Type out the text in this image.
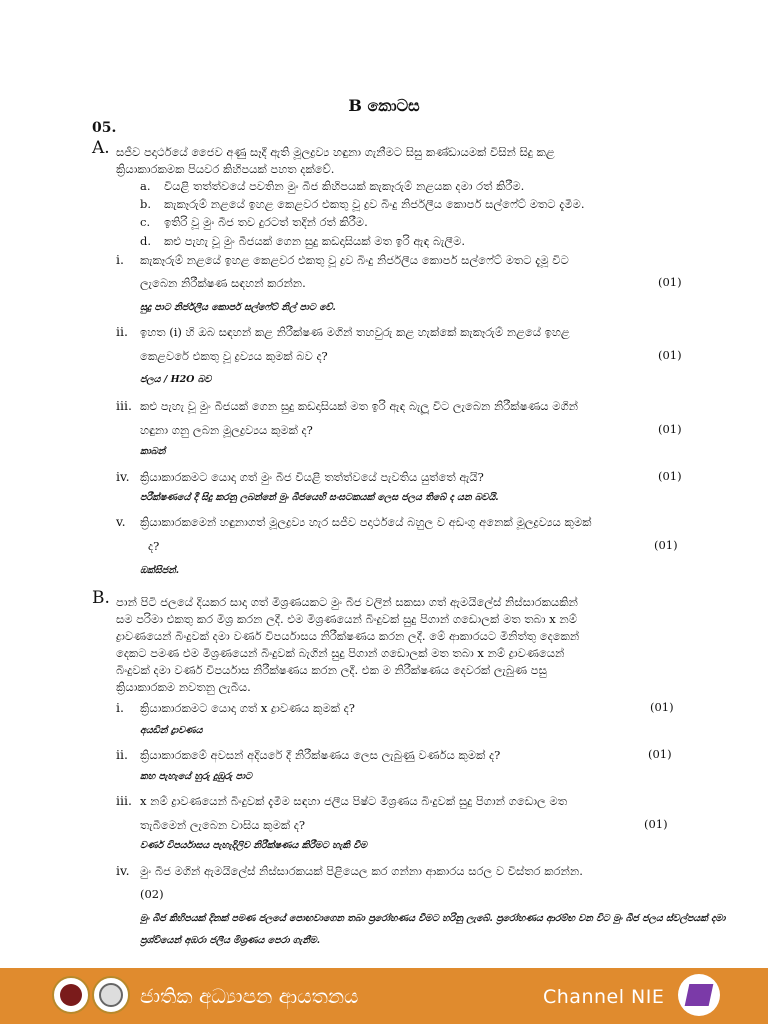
B කොටස
05.
A. සජීව පදාර්ථයේ ජෛව අණු සෑදී ඇති මූලද්‍රව්‍ය හඳුනා ගැනීමට සිසු කණ්ඩායමක් විසින් සිදු කළ
ක්‍රියාකාරකමක පියවර කිහිපයක් පහත දක්වේ.
a. වියළි තත්ත්වයේ පවතින මුං බීජ කිහිපයක් කැකෑරුම් නළයක දමා රත් කිරීම.
b. කැකෑරුම් නළයේ ඉහළ කෙළවර එකතු වූ ද්‍රව බිංදු නිර්ජලීය කොපර් සල්ෆේට් මතට දැමීම.
c. ඉතිරි වූ මුං බීජ තව දුරටත් තදින් රත් කිරීම.
d. කළු පැහැ වූ මුං බීජයක් ගෙන සුදු කඩදාසියක් මත ඉරි ඇඳ බැලීම.
i. කැකෑරුම් නළයේ ඉහළ කෙළවර එකතු වූ ද්‍රව බිංදු නිර්ජලීය කොපර් සල්ෆේට් මතට දැමූ විට
ලැබෙන නිරීක්ෂණ සඳහන් කරන්න.	(01)
සුදු පාට නිර්ජලීය කොපර් සල්ෆේට් නිල් පාට වේ.
ii. ඉහත (i) හි ඔබ සඳහන් කළ නිරීක්ෂණ මගින් තහවුරු කළ හැක්කේ කැකෑරුම් නළයේ ඉහළ
කෙළවරේ එකතු වූ ද්‍රව්‍යය කුමක් බව ද?	(01)
ජලය / H2O බව
iii. කළු පැහැ වූ මුං බීජයක් ගෙන සුදු කඩදාසියක් මත ඉරි ඇඳ බැලූ විට ලැබෙන නිරීක්ෂණය මගින්
හඳුනා ගනු ලබන මූලද්‍රව්‍යය කුමක් ද?	(01)
කාබන්
iv. ක්‍රියාකාරකමට යොදා ගත් මුං බීජ වියළි තත්ත්වයේ පැවතිය යුත්තේ ඇයි?	(01)
පරීක්ෂණයේ දී සිදු කරනු ලබන්නේ මුං බීජයෙහි සංඝටකයක් ලෙස ජලය තිබේ ද යන බවයි.
v. ක්‍රියාකාරකමෙන් හඳුනාගත් මූලද්‍රව්‍ය හැර සජීව පදාර්ථයේ බහුල ව අඩංගු අනෙක් මූලද්‍රව්‍යය කුමක්
ද?	(01)
ඔක්සිජන්.
B. පාන් පිටි ජලයේ දියකර සාදා ගත් මිශ්‍රණයකට මුං බීජ වලින් සකසා ගත් ඇමයිලේස් නිස්සාරකයකින්
සම පරිමා එකතු කර මිශ්‍ර කරන ලදී. එම මිශ්‍රණයෙන් බිංදුවක් සුදු පිගාන් ගඩොලක් මත තබා x නම්
ද්‍රාවණයෙන් බිංදුවක් දමා වර්ණ විපර්යාසය නිරීක්ෂණය කරන ලදී. මේ ආකාරයට මිනිත්තු දෙකෙන්
දෙකට පමණ එම මිශ්‍රණයෙන් බිංදුවක් බැගින් සුදු පිගාන් ගඩොලක් මත තබා x නම් ද්‍රාවණයෙන්
බිංදුවක් දමා වර්ණ විපර්යාස නිරීක්ෂණය කරන ලදී. එක ම නිරීක්ෂණය දෙවරක් ලැබුණ පසු
ක්‍රියාකාරකම නවතනු ලැබීය.
i. ක්‍රියාකාරකමට යොදා ගත් x ද්‍රාවණය කුමක් ද?	(01)
අයඩින් ද්‍රාවණය
ii. ක්‍රියාකාරකමේ අවසන් අදියරේ දී නිරීක්ෂණය ලෙස ලැබුණු වර්ණය කුමක් ද?	(01)
කහ පැහැයේ හුරු දුඹුරු පාට
iii. x නම් ද්‍රාවණයෙන් බිංදුවක් දැමීම සඳහා ජලීය පිෂ්ට මිශ්‍රණය බිංදුවක් සුදු පිගාන් ගඩොල මත
තැබීමෙන් ලැබෙන වාසිය කුමක් ද?	(01)
වර්ණ විපර්යාසය පැහැදිලිව නිරීක්ෂණය කිරීමට හැකි වීම
iv. මුං බීජ මගින් ඇමයිලේස් නිස්සාරකයක් පිළියෙල කර ගන්නා ආකාරය සරල ව විස්තර කරන්න.
(02)
මුං බීජ කිහිපයක් දිනක් පමණ ජලයේ පොඟවාගෙන තබා ප්‍රරෝහණය වීමට හරිනු ලැබේ. ප්‍රරෝහණය ආරම්භ වන විට මුං බීජ ජලය ස්වල්පයක් දමා ප්‍රශ්වියෙන් අඹරා ජලීය මිශ්‍රණය පෙරා ගැනීම.
ජාතික අධ්‍යාපන ආයතනය	Channel NIE
